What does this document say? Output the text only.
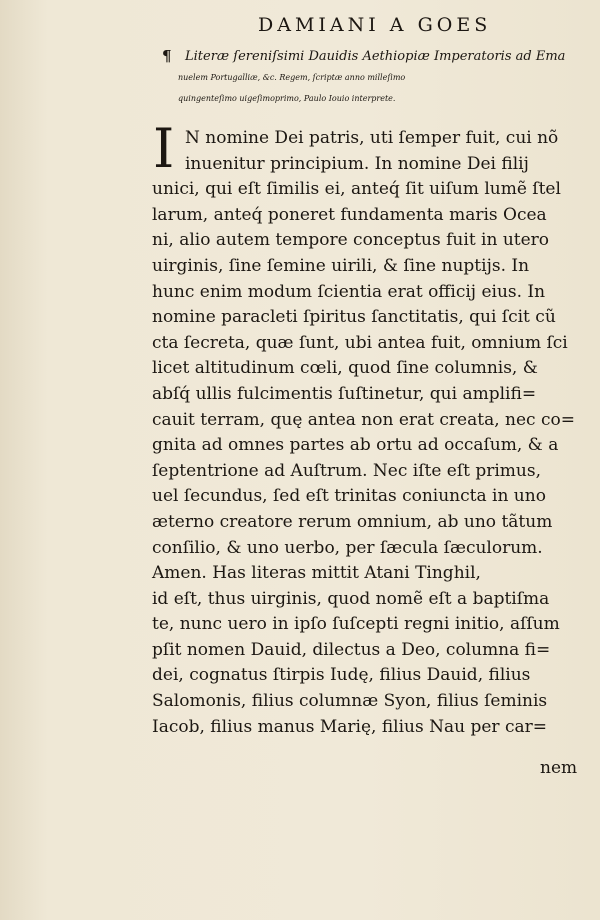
DAMIANI A GOES
¶ Literæ ſereniſsimi Dauidis Aethiopiæ Imperatoris ad Ema
nuelem Portugalliæ, &c. Regem, ſcriptæ anno milleſimo
quingenteſimo uigeſimoprimo, Paulo Iouio interprete.
I N nomine Dei patris, uti ſemper fuit, cui nõ
inuenitur principium. In nomine Dei filij
unici, qui eſt ſimilis ei, anteq́ ſit uiſum lumẽ ſtel
larum, anteq́ poneret fundamenta maris Ocea
ni, alio autem tempore conceptus fuit in utero
uirginis, ſine ſemine uirili, & ſine nuptijs. In
hunc enim modum ſcientia erat officij eius. In
nomine paracleti ſpiritus ſanctitatis, qui ſcit cũ
cta ſecreta, quæ ſunt, ubi antea fuit, omnium ſci
licet altitudinum cœli, quod ſine columnis, &
abſq́ ullis fulcimentis ſuſtinetur, qui amplifi=
cauit terram, quę antea non erat creata, nec co=
gnita ad omnes partes ab ortu ad occaſum, & a
ſeptentrione ad Auſtrum. Nec iſte eſt primus,
uel ſecundus, ſed eſt trinitas coniuncta in uno
æterno creatore rerum omnium, ab uno tãtum
conſilio, & uno uerbo, per ſæcula ſæculorum.
Amen. Has literas mittit Atani Tinghil,
id eſt, thus uirginis, quod nomẽ eſt a baptiſma
te, nunc uero in ipſo ſuſcepti regni initio, aſſum
pſit nomen Dauid, dilectus a Deo, columna fi=
dei, cognatus ſtirpis Iudę, filius Dauid, filius
Salomonis, filius columnæ Syon, filius ſeminis
Iacob, filius manus Marię, filius Nau per car=
nem
